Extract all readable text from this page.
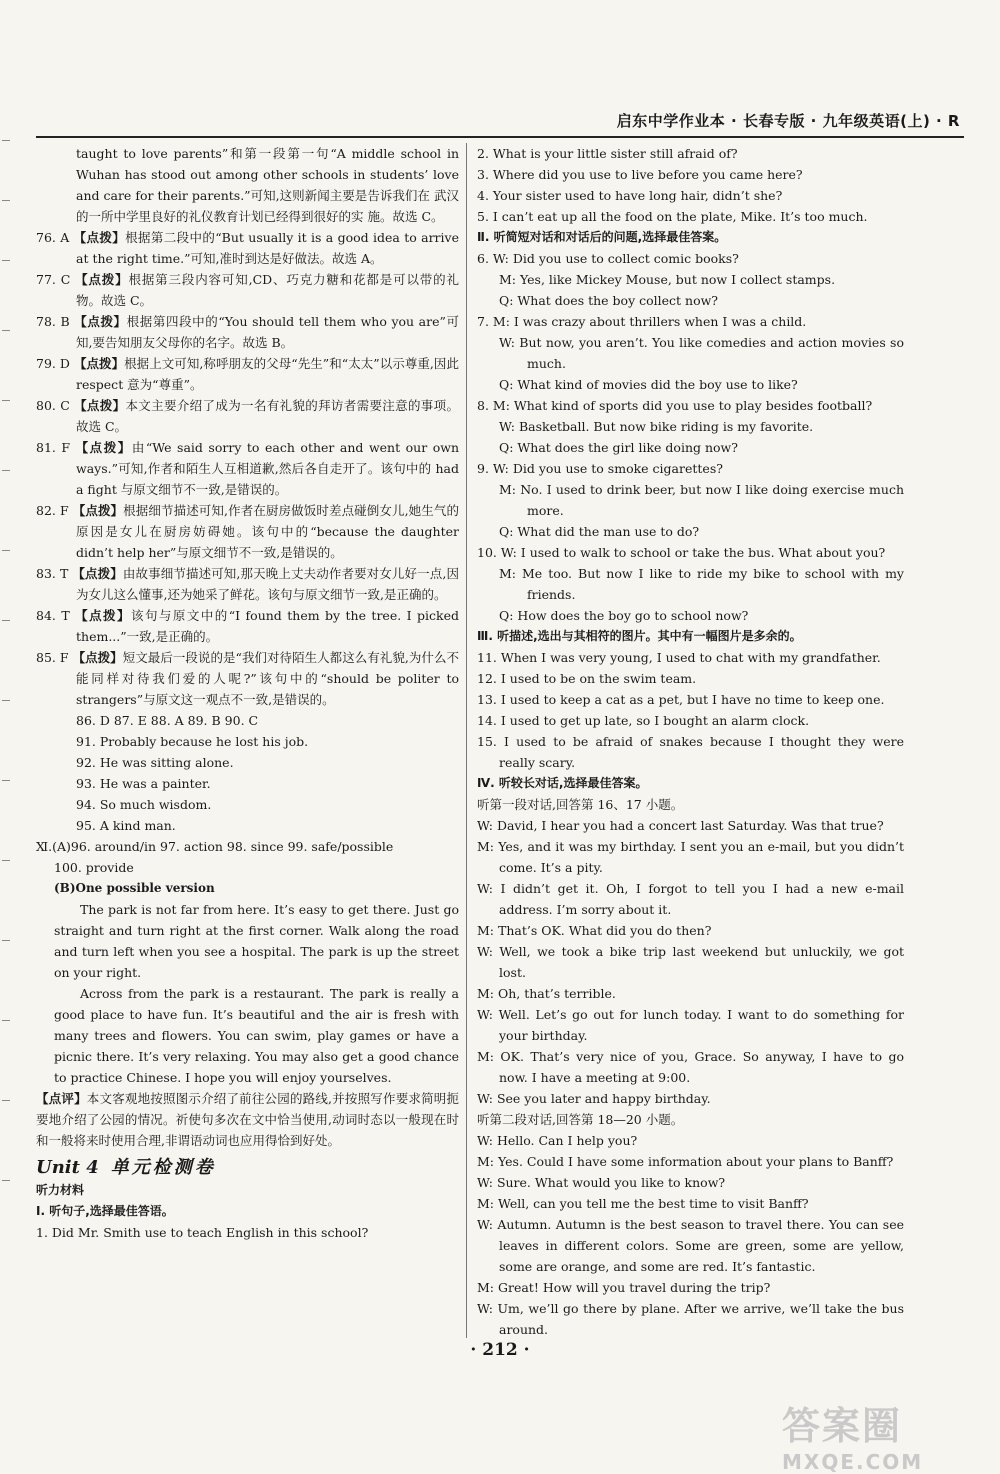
启东中学作业本 · 长春专版 · 九年级英语(上) · R

taught to love parents”和第一段第一句“A middle school in Wuhan has stood out among other schools in students’ love and care for their parents.”可知,这则新闻主要是告诉我们在 武汉的一所中学里良好的礼仪教育计划已经得到很好的实 施。故选 C。

76. A 【点拨】根据第二段中的“But usually it is a good idea to arrive at the right time.”可知,准时到达是好做法。故选 A。

77. C 【点拨】根据第三段内容可知,CD、巧克力糖和花都是可以带的礼物。故选 C。

78. B 【点拨】根据第四段中的“You should tell them who you are”可知,要告知朋友父母你的名字。故选 B。

79. D 【点拨】根据上文可知,称呼朋友的父母“先生”和“太太”以示尊重,因此 respect 意为“尊重”。

80. C 【点拨】本文主要介绍了成为一名有礼貌的拜访者需要注意的事项。故选 C。

81. F 【点拨】由“We said sorry to each other and went our own ways.”可知,作者和陌生人互相道歉,然后各自走开了。该句中的 had a fight 与原文细节不一致,是错误的。

82. F 【点拨】根据细节描述可知,作者在厨房做饭时差点碰倒女儿,她生气的原因是女儿在厨房妨碍她。该句中的“because the daughter didn’t help her”与原文细节不一致,是错误的。

83. T 【点拨】由故事细节描述可知,那天晚上丈夫动作者要对女儿好一点,因为女儿这么懂事,还为她采了鲜花。该句与原文细节一致,是正确的。

84. T 【点拨】该句与原文中的“I found them by the tree. I picked them...”一致,是正确的。

85. F 【点拨】短文最后一段说的是“我们对待陌生人都这么有礼貌,为什么不能同样对待我们爱的人呢?”该句中的“should be politer to strangers”与原文这一观点不一致,是错误的。

86. D 87. E 88. A 89. B 90. C

91. Probably because he lost his job.

92. He was sitting alone.

93. He was a painter.

94. So much wisdom.

95. A kind man.

Ⅺ.(A)96. around/in 97. action 98. since 99. safe/possible

100. provide

(B)One possible version

The park is not far from here. It’s easy to get there. Just go straight and turn right at the first corner. Walk along the road and turn left when you see a hospital. The park is up the street on your right.

Across from the park is a restaurant. The park is really a good place to have fun. It’s beautiful and the air is fresh with many trees and flowers. You can swim, play games or have a picnic there. It’s very relaxing. You may also get a good chance to practice Chinese. I hope you will enjoy yourselves.

【点评】本文客观地按照图示介绍了前往公园的路线,并按照写作要求简明扼要地介绍了公园的情况。祈使句多次在文中恰当使用,动词时态以一般现在时和一般将来时使用合理,非谓语动词也应用得恰到好处。

Unit 4 单元检测卷

听力材料

Ⅰ. 听句子,选择最佳答语。

1. Did Mr. Smith use to teach English in this school?

2. What is your little sister still afraid of?

3. Where did you use to live before you came here?

4. Your sister used to have long hair, didn’t she?

5. I can’t eat up all the food on the plate, Mike. It’s too much.

Ⅱ. 听简短对话和对话后的问题,选择最佳答案。

6. W: Did you use to collect comic books?

M: Yes, like Mickey Mouse, but now I collect stamps.

Q: What does the boy collect now?

7. M: I was crazy about thrillers when I was a child.

W: But now, you aren’t. You like comedies and action movies so much.

Q: What kind of movies did the boy use to like?

8. M: What kind of sports did you use to play besides football?

W: Basketball. But now bike riding is my favorite.

Q: What does the girl like doing now?

9. W: Did you use to smoke cigarettes?

M: No. I used to drink beer, but now I like doing exercise much more.

Q: What did the man use to do?

10. W: I used to walk to school or take the bus. What about you?

M: Me too. But now I like to ride my bike to school with my friends.

Q: How does the boy go to school now?

Ⅲ. 听描述,选出与其相符的图片。其中有一幅图片是多余的。

11. When I was very young, I used to chat with my grandfather.

12. I used to be on the swim team.

13. I used to keep a cat as a pet, but I have no time to keep one.

14. I used to get up late, so I bought an alarm clock.

15. I used to be afraid of snakes because I thought they were really scary.

Ⅳ. 听较长对话,选择最佳答案。

听第一段对话,回答第 16、17 小题。

W: David, I hear you had a concert last Saturday. Was that true?

M: Yes, and it was my birthday. I sent you an e-mail, but you didn’t come. It’s a pity.

W: I didn’t get it. Oh, I forgot to tell you I had a new e-mail address. I’m sorry about it.

M: That’s OK. What did you do then?

W: Well, we took a bike trip last weekend but unluckily, we got lost.

M: Oh, that’s terrible.

W: Well. Let’s go out for lunch today. I want to do something for your birthday.

M: OK. That’s very nice of you, Grace. So anyway, I have to go now. I have a meeting at 9:00.

W: See you later and happy birthday.

听第二段对话,回答第 18—20 小题。

W: Hello. Can I help you?

M: Yes. Could I have some information about your plans to Banff?

W: Sure. What would you like to know?

M: Well, can you tell me the best time to visit Banff?

W: Autumn. Autumn is the best season to travel there. You can see leaves in different colors. Some are green, some are yellow, some are orange, and some are red. It’s fantastic.

M: Great! How will you travel during the trip?

W: Um, we’ll go there by plane. After we arrive, we’ll take the bus around.

· 212 ·
答案圈
MXQE.COM
